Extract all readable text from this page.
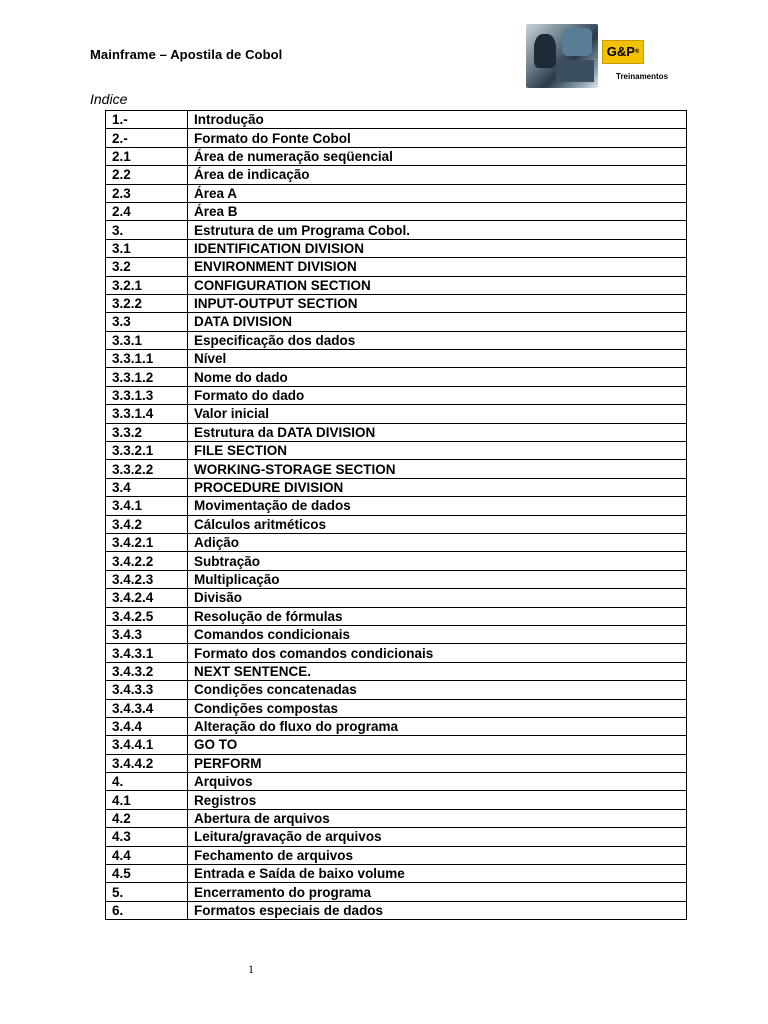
Mainframe – Apostila de Cobol	G&P®
Treinamentos
Indice
1.-	Introdução
2.-	Formato do Fonte Cobol
2.1	Área de numeração seqüencial
2.2	Área de indicação
2.3	Área A
2.4	Área B
3.	Estrutura de um Programa Cobol.
3.1	IDENTIFICATION DIVISION
3.2	ENVIRONMENT DIVISION
3.2.1	CONFIGURATION SECTION
3.2.2	INPUT-OUTPUT SECTION
3.3	DATA DIVISION
3.3.1	Especificação dos dados
3.3.1.1	Nível
3.3.1.2	Nome do dado
3.3.1.3	Formato do dado
3.3.1.4	Valor inicial
3.3.2	Estrutura da DATA DIVISION
3.3.2.1	FILE SECTION
3.3.2.2	WORKING-STORAGE SECTION
3.4	PROCEDURE DIVISION
3.4.1	Movimentação de dados
3.4.2	Cálculos aritméticos
3.4.2.1	Adição
3.4.2.2	Subtração
3.4.2.3	Multiplicação
3.4.2.4	Divisão
3.4.2.5	Resolução de fórmulas
3.4.3	Comandos condicionais
3.4.3.1	Formato dos comandos condicionais
3.4.3.2	NEXT SENTENCE.
3.4.3.3	Condições concatenadas
3.4.3.4	Condições compostas
3.4.4	Alteração do fluxo do programa
3.4.4.1	GO TO
3.4.4.2	PERFORM
4.	Arquivos
4.1	Registros
4.2	Abertura de arquivos
4.3	Leitura/gravação de arquivos
4.4	Fechamento de arquivos
4.5	Entrada e Saída de baixo volume
5.	Encerramento do programa
6.	Formatos especiais de dados
1
